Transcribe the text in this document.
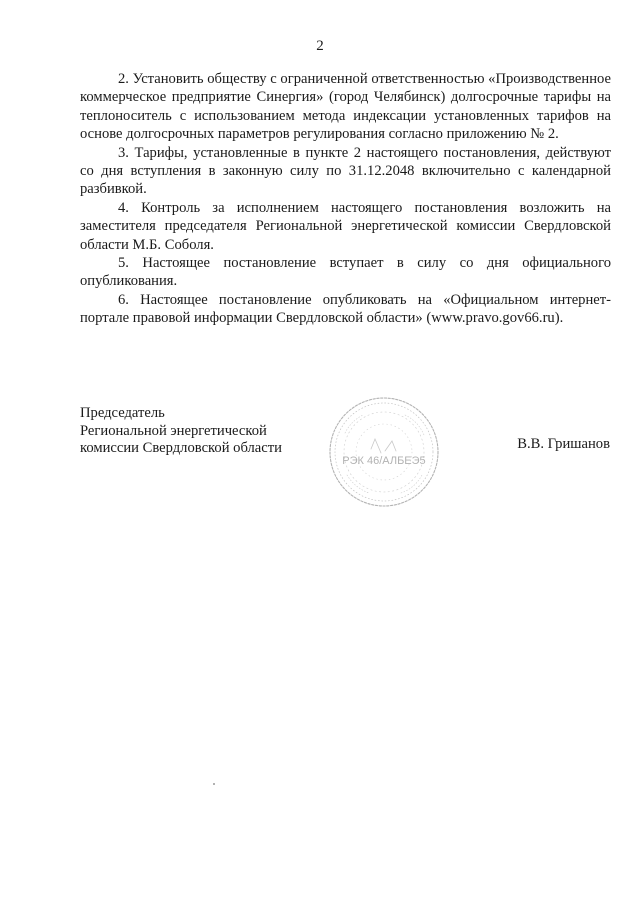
2

2. Установить обществу с ограниченной ответственностью «Производственное коммерческое предприятие Синергия» (город Челябинск) долгосрочные тарифы на теплоноситель с использованием метода индексации установленных тарифов на основе долгосрочных параметров регулирования согласно приложению № 2.

3. Тарифы, установленные в пункте 2 настоящего постановления, действуют со дня вступления в законную силу по 31.12.2048 включительно с календарной разбивкой.

4. Контроль за исполнением настоящего постановления возложить на заместителя председателя Региональной энергетической комиссии Свердловской области М.Б. Соболя.

5. Настоящее постановление вступает в силу со дня официального опубликования.

6. Настоящее постановление опубликовать на «Официальном интернет-портале правовой информации Свердловской области» (www.pravo.gov66.ru).

Председатель
Региональной энергетической
комиссии Свердловской области
РЭК 46/АЛБЕЭ5
В.В. Гришанов
